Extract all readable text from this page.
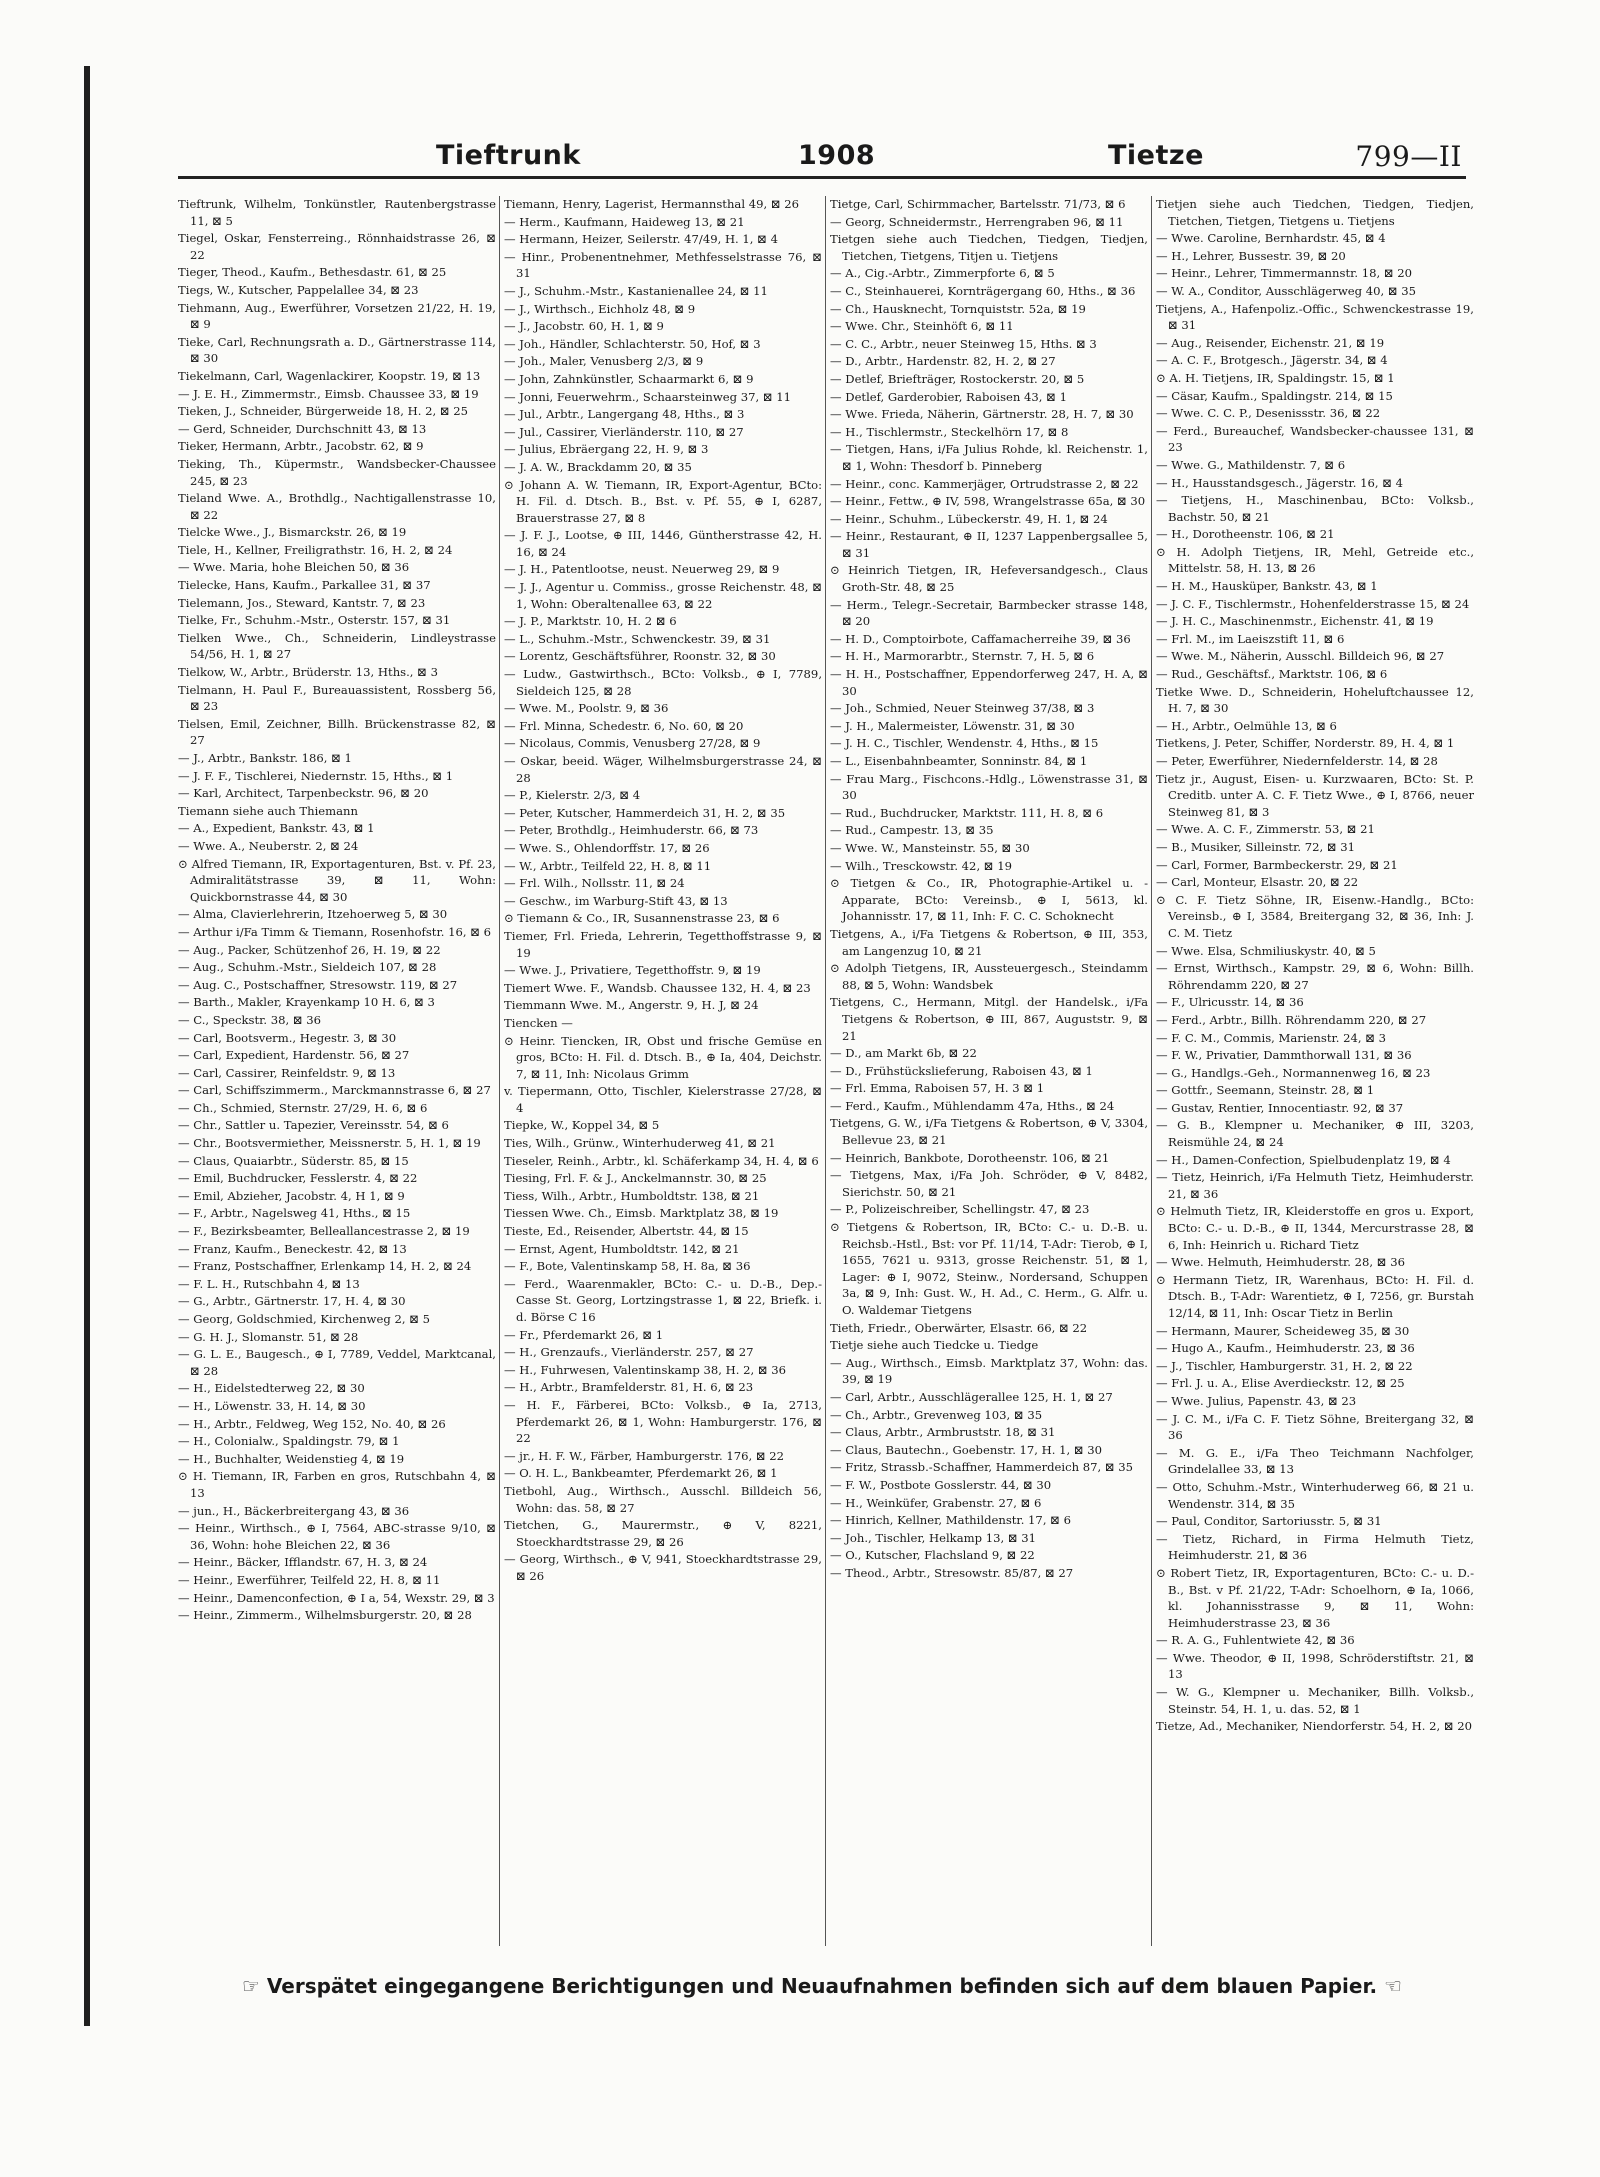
Tieftrunk	1908	Tietze	799—II
Tieftrunk, Wilhelm, Tonkünstler, Rautenbergstrasse 11, ⊠ 5
Tiegel, Oskar, Fensterreing., Rönnhaidstrasse 26, ⊠ 22
Tieger, Theod., Kaufm., Bethesdastr. 61, ⊠ 25
Tiegs, W., Kutscher, Pappelallee 34, ⊠ 23
Tiehmann, Aug., Ewerführer, Vorsetzen 21/22, H. 19, ⊠ 9
Tieke, Carl, Rechnungsrath a. D., Gärtnerstrasse 114, ⊠ 30
Tiekelmann, Carl, Wagenlackirer, Koopstr. 19, ⊠ 13
— J. E. H., Zimmermstr., Eimsb. Chaussee 33, ⊠ 19
Tieken, J., Schneider, Bürgerweide 18, H. 2, ⊠ 25
— Gerd, Schneider, Durchschnitt 43, ⊠ 13
Tieker, Hermann, Arbtr., Jacobstr. 62, ⊠ 9
Tieking, Th., Küpermstr., Wandsbecker-Chaussee 245, ⊠ 23
Tieland Wwe. A., Brothdlg., Nachtigallenstrasse 10, ⊠ 22
Tielcke Wwe., J., Bismarckstr. 26, ⊠ 19
Tiele, H., Kellner, Freiligrathstr. 16, H. 2, ⊠ 24
— Wwe. Maria, hohe Bleichen 50, ⊠ 36
Tielecke, Hans, Kaufm., Parkallee 31, ⊠ 37
Tielemann, Jos., Steward, Kantstr. 7, ⊠ 23
Tielke, Fr., Schuhm.-Mstr., Osterstr. 157, ⊠ 31
Tielken Wwe., Ch., Schneiderin, Lindleystrasse 54/56, H. 1, ⊠ 27
Tielkow, W., Arbtr., Brüderstr. 13, Hths., ⊠ 3
Tielmann, H. Paul F., Bureauassistent, Rossberg 56, ⊠ 23
Tielsen, Emil, Zeichner, Billh. Brückenstrasse 82, ⊠ 27
— J., Arbtr., Bankstr. 186, ⊠ 1
— J. F. F., Tischlerei, Niedernstr. 15, Hths., ⊠ 1
— Karl, Architect, Tarpenbeckstr. 96, ⊠ 20
Tiemann siehe auch Thiemann
— A., Expedient, Bankstr. 43, ⊠ 1
— Wwe. A., Neuberstr. 2, ⊠ 24
⊙ Alfred Tiemann, IR, Exportagenturen, Bst. v. Pf. 23, Admiralitätstrasse 39, ⊠ 11, Wohn: Quickbornstrasse 44, ⊠ 30
— Alma, Clavierlehrerin, Itzehoerweg 5, ⊠ 30
— Arthur i/Fa Timm & Tiemann, Rosenhofstr. 16, ⊠ 6
— Aug., Packer, Schützenhof 26, H. 19, ⊠ 22
— Aug., Schuhm.-Mstr., Sieldeich 107, ⊠ 28
— Aug. C., Postschaffner, Stresowstr. 119, ⊠ 27
— Barth., Makler, Krayenkamp 10 H. 6, ⊠ 3
— C., Speckstr. 38, ⊠ 36
— Carl, Bootsverm., Hegestr. 3, ⊠ 30
— Carl, Expedient, Hardenstr. 56, ⊠ 27
— Carl, Cassirer, Reinfeldstr. 9, ⊠ 13
— Carl, Schiffszimmerm., Marckmannstrasse 6, ⊠ 27
— Ch., Schmied, Sternstr. 27/29, H. 6, ⊠ 6
— Chr., Sattler u. Tapezier, Vereinsstr. 54, ⊠ 6
— Chr., Bootsvermiether, Meissnerstr. 5, H. 1, ⊠ 19
— Claus, Quaiarbtr., Süderstr. 85, ⊠ 15
— Emil, Buchdrucker, Fesslerstr. 4, ⊠ 22
— Emil, Abzieher, Jacobstr. 4, H 1, ⊠ 9
— F., Arbtr., Nagelsweg 41, Hths., ⊠ 15
— F., Bezirksbeamter, Belleallancestrasse 2, ⊠ 19
— Franz, Kaufm., Beneckestr. 42, ⊠ 13
— Franz, Postschaffner, Erlenkamp 14, H. 2, ⊠ 24
— F. L. H., Rutschbahn 4, ⊠ 13
— G., Arbtr., Gärtnerstr. 17, H. 4, ⊠ 30
— Georg, Goldschmied, Kirchenweg 2, ⊠ 5
— G. H. J., Slomanstr. 51, ⊠ 28
— G. L. E., Baugesch., ⊕ I, 7789, Veddel, Marktcanal, ⊠ 28
— H., Eidelstedterweg 22, ⊠ 30
— H., Löwenstr. 33, H. 14, ⊠ 30
— H., Arbtr., Feldweg, Weg 152, No. 40, ⊠ 26
— H., Colonialw., Spaldingstr. 79, ⊠ 1
— H., Buchhalter, Weidenstieg 4, ⊠ 19
⊙ H. Tiemann, IR, Farben en gros, Rutschbahn 4, ⊠ 13
— jun., H., Bäckerbreitergang 43, ⊠ 36
— Heinr., Wirthsch., ⊕ I, 7564, ABC-strasse 9/10, ⊠ 36, Wohn: hohe Bleichen 22, ⊠ 36
— Heinr., Bäcker, Ifflandstr. 67, H. 3, ⊠ 24
— Heinr., Ewerführer, Teilfeld 22, H. 8, ⊠ 11
— Heinr., Damenconfection, ⊕ I a, 54, Wexstr. 29, ⊠ 3
— Heinr., Zimmerm., Wilhelmsburgerstr. 20, ⊠ 28
Tiemann, Henry, Lagerist, Hermannsthal 49, ⊠ 26
— Herm., Kaufmann, Haideweg 13, ⊠ 21
— Hermann, Heizer, Seilerstr. 47/49, H. 1, ⊠ 4
— Hinr., Probenentnehmer, Methfesselstrasse 76, ⊠ 31
— J., Schuhm.-Mstr., Kastanienallee 24, ⊠ 11
— J., Wirthsch., Eichholz 48, ⊠ 9
— J., Jacobstr. 60, H. 1, ⊠ 9
— Joh., Händler, Schlachterstr. 50, Hof, ⊠ 3
— Joh., Maler, Venusberg 2/3, ⊠ 9
— John, Zahnkünstler, Schaarmarkt 6, ⊠ 9
— Jonni, Feuerwehrm., Schaarsteinweg 37, ⊠ 11
— Jul., Arbtr., Langergang 48, Hths., ⊠ 3
— Jul., Cassirer, Vierländerstr. 110, ⊠ 27
— Julius, Ebräergang 22, H. 9, ⊠ 3
— J. A. W., Brackdamm 20, ⊠ 35
⊙ Johann A. W. Tiemann, IR, Export-Agentur, BCto: H. Fil. d. Dtsch. B., Bst. v. Pf. 55, ⊕ I, 6287, Brauerstrasse 27, ⊠ 8
— J. F. J., Lootse, ⊕ III, 1446, Güntherstrasse 42, H. 16, ⊠ 24
— J. H., Patentlootse, neust. Neuerweg 29, ⊠ 9
— J. J., Agentur u. Commiss., grosse Reichenstr. 48, ⊠ 1, Wohn: Oberaltenallee 63, ⊠ 22
— J. P., Marktstr. 10, H. 2 ⊠ 6
— L., Schuhm.-Mstr., Schwenckestr. 39, ⊠ 31
— Lorentz, Geschäftsführer, Roonstr. 32, ⊠ 30
— Ludw., Gastwirthsch., BCto: Volksb., ⊕ I, 7789, Sieldeich 125, ⊠ 28
— Wwe. M., Poolstr. 9, ⊠ 36
— Frl. Minna, Schedestr. 6, No. 60, ⊠ 20
— Nicolaus, Commis, Venusberg 27/28, ⊠ 9
— Oskar, beeid. Wäger, Wilhelmsburgerstrasse 24, ⊠ 28
— P., Kielerstr. 2/3, ⊠ 4
— Peter, Kutscher, Hammerdeich 31, H. 2, ⊠ 35
— Peter, Brothdlg., Heimhuderstr. 66, ⊠ 73
— Wwe. S., Ohlendorffstr. 17, ⊠ 26
— W., Arbtr., Teilfeld 22, H. 8, ⊠ 11
— Frl. Wilh., Nollsstr. 11, ⊠ 24
— Geschw., im Warburg-Stift 43, ⊠ 13
⊙ Tiemann & Co., IR, Susannenstrasse 23, ⊠ 6
Tiemer, Frl. Frieda, Lehrerin, Tegetthoffstrasse 9, ⊠ 19
— Wwe. J., Privatiere, Tegetthoffstr. 9, ⊠ 19
Tiemert Wwe. F., Wandsb. Chaussee 132, H. 4, ⊠ 23
Tiemmann Wwe. M., Angerstr. 9, H. J, ⊠ 24
Tiencken —
⊙ Heinr. Tiencken, IR, Obst und frische Gemüse en gros, BCto: H. Fil. d. Dtsch. B., ⊕ Ia, 404, Deichstr. 7, ⊠ 11, Inh: Nicolaus Grimm
v. Tiepermann, Otto, Tischler, Kielerstrasse 27/28, ⊠ 4
Tiepke, W., Koppel 34, ⊠ 5
Ties, Wilh., Grünw., Winterhuderweg 41, ⊠ 21
Tieseler, Reinh., Arbtr., kl. Schäferkamp 34, H. 4, ⊠ 6
Tiesing, Frl. F. & J., Anckelmannstr. 30, ⊠ 25
Tiess, Wilh., Arbtr., Humboldtstr. 138, ⊠ 21
Tiessen Wwe. Ch., Eimsb. Marktplatz 38, ⊠ 19
Tieste, Ed., Reisender, Albertstr. 44, ⊠ 15
— Ernst, Agent, Humboldtstr. 142, ⊠ 21
— F., Bote, Valentinskamp 58, H. 8a, ⊠ 36
— Ferd., Waarenmakler, BCto: C.- u. D.-B., Dep.-Casse St. Georg, Lortzingstrasse 1, ⊠ 22, Briefk. i. d. Börse C 16
— Fr., Pferdemarkt 26, ⊠ 1
— H., Grenzaufs., Vierländerstr. 257, ⊠ 27
— H., Fuhrwesen, Valentinskamp 38, H. 2, ⊠ 36
— H., Arbtr., Bramfelderstr. 81, H. 6, ⊠ 23
— H. F., Färberei, BCto: Volksb., ⊕ Ia, 2713, Pferdemarkt 26, ⊠ 1, Wohn: Hamburgerstr. 176, ⊠ 22
— jr., H. F. W., Färber, Hamburgerstr. 176, ⊠ 22
— O. H. L., Bankbeamter, Pferdemarkt 26, ⊠ 1
Tietbohl, Aug., Wirthsch., Ausschl. Billdeich 56, Wohn: das. 58, ⊠ 27
Tietchen, G., Maurermstr., ⊕ V, 8221, Stoeckhardtstrasse 29, ⊠ 26
— Georg, Wirthsch., ⊕ V, 941, Stoeckhardtstrasse 29, ⊠ 26
Tietge, Carl, Schirmmacher, Bartelsstr. 71/73, ⊠ 6
— Georg, Schneidermstr., Herrengraben 96, ⊠ 11
Tietgen siehe auch Tiedchen, Tiedgen, Tiedjen, Tietchen, Tietgens, Titjen u. Tietjens
— A., Cig.-Arbtr., Zimmerpforte 6, ⊠ 5
— C., Steinhauerei, Kornträgergang 60, Hths., ⊠ 36
— Ch., Hausknecht, Tornquiststr. 52a, ⊠ 19
— Wwe. Chr., Steinhöft 6, ⊠ 11
— C. C., Arbtr., neuer Steinweg 15, Hths. ⊠ 3
— D., Arbtr., Hardenstr. 82, H. 2, ⊠ 27
— Detlef, Briefträger, Rostockerstr. 20, ⊠ 5
— Detlef, Garderobier, Raboisen 43, ⊠ 1
— Wwe. Frieda, Näherin, Gärtnerstr. 28, H. 7, ⊠ 30
— H., Tischlermstr., Steckelhörn 17, ⊠ 8
— Tietgen, Hans, i/Fa Julius Rohde, kl. Reichenstr. 1, ⊠ 1, Wohn: Thesdorf b. Pinneberg
— Heinr., conc. Kammerjäger, Ortrudstrasse 2, ⊠ 22
— Heinr., Fettw., ⊕ IV, 598, Wrangelstrasse 65a, ⊠ 30
— Heinr., Schuhm., Lübeckerstr. 49, H. 1, ⊠ 24
— Heinr., Restaurant, ⊕ II, 1237 Lappenbergsallee 5, ⊠ 31
⊙ Heinrich Tietgen, IR, Hefeversandgesch., Claus Groth-Str. 48, ⊠ 25
— Herm., Telegr.-Secretair, Barmbecker strasse 148, ⊠ 20
— H. D., Comptoirbote, Caffamacherreihe 39, ⊠ 36
— H. H., Marmorarbtr., Sternstr. 7, H. 5, ⊠ 6
— H. H., Postschaffner, Eppendorferweg 247, H. A, ⊠ 30
— Joh., Schmied, Neuer Steinweg 37/38, ⊠ 3
— J. H., Malermeister, Löwenstr. 31, ⊠ 30
— J. H. C., Tischler, Wendenstr. 4, Hths., ⊠ 15
— L., Eisenbahnbeamter, Sonninstr. 84, ⊠ 1
— Frau Marg., Fischcons.-Hdlg., Löwenstrasse 31, ⊠ 30
— Rud., Buchdrucker, Marktstr. 111, H. 8, ⊠ 6
— Rud., Campestr. 13, ⊠ 35
— Wwe. W., Mansteinstr. 55, ⊠ 30
— Wilh., Tresckowstr. 42, ⊠ 19
⊙ Tietgen & Co., IR, Photographie-Artikel u. -Apparate, BCto: Vereinsb., ⊕ I, 5613, kl. Johannisstr. 17, ⊠ 11, Inh: F. C. C. Schoknecht
Tietgens, A., i/Fa Tietgens & Robertson, ⊕ III, 353, am Langenzug 10, ⊠ 21
⊙ Adolph Tietgens, IR, Aussteuergesch., Steindamm 88, ⊠ 5, Wohn: Wandsbek
Tietgens, C., Hermann, Mitgl. der Handelsk., i/Fa Tietgens & Robertson, ⊕ III, 867, Auguststr. 9, ⊠ 21
— D., am Markt 6b, ⊠ 22
— D., Frühstückslieferung, Raboisen 43, ⊠ 1
— Frl. Emma, Raboisen 57, H. 3 ⊠ 1
— Ferd., Kaufm., Mühlendamm 47a, Hths., ⊠ 24
Tietgens, G. W., i/Fa Tietgens & Robertson, ⊕ V, 3304, Bellevue 23, ⊠ 21
— Heinrich, Bankbote, Dorotheenstr. 106, ⊠ 21
— Tietgens, Max, i/Fa Joh. Schröder, ⊕ V, 8482, Sierichstr. 50, ⊠ 21
— P., Polizeischreiber, Schellingstr. 47, ⊠ 23
⊙ Tietgens & Robertson, IR, BCto: C.- u. D.-B. u. Reichsb.-Hstl., Bst: vor Pf. 11/14, T-Adr: Tierob, ⊕ I, 1655, 7621 u. 9313, grosse Reichenstr. 51, ⊠ 1, Lager: ⊕ I, 9072, Steinw., Nordersand, Schuppen 3a, ⊠ 9, Inh: Gust. W., H. Ad., C. Herm., G. Alfr. u. O. Waldemar Tietgens
Tieth, Friedr., Oberwärter, Elsastr. 66, ⊠ 22
Tietje siehe auch Tiedcke u. Tiedge
— Aug., Wirthsch., Eimsb. Marktplatz 37, Wohn: das. 39, ⊠ 19
— Carl, Arbtr., Ausschlägerallee 125, H. 1, ⊠ 27
— Ch., Arbtr., Grevenweg 103, ⊠ 35
— Claus, Arbtr., Armbruststr. 18, ⊠ 31
— Claus, Bautechn., Goebenstr. 17, H. 1, ⊠ 30
— Fritz, Strassb.-Schaffner, Hammerdeich 87, ⊠ 35
— F. W., Postbote Gosslerstr. 44, ⊠ 30
— H., Weinküfer, Grabenstr. 27, ⊠ 6
— Hinrich, Kellner, Mathildenstr. 17, ⊠ 6
— Joh., Tischler, Helkamp 13, ⊠ 31
— O., Kutscher, Flachsland 9, ⊠ 22
— Theod., Arbtr., Stresowstr. 85/87, ⊠ 27
Tietjen siehe auch Tiedchen, Tiedgen, Tiedjen, Tietchen, Tietgen, Tietgens u. Tietjens
— Wwe. Caroline, Bernhardstr. 45, ⊠ 4
— H., Lehrer, Bussestr. 39, ⊠ 20
— Heinr., Lehrer, Timmermannstr. 18, ⊠ 20
— W. A., Conditor, Ausschlägerweg 40, ⊠ 35
Tietjens, A., Hafenpoliz.-Offic., Schwenckestrasse 19, ⊠ 31
— Aug., Reisender, Eichenstr. 21, ⊠ 19
— A. C. F., Brotgesch., Jägerstr. 34, ⊠ 4
⊙ A. H. Tietjens, IR, Spaldingstr. 15, ⊠ 1
— Cäsar, Kaufm., Spaldingstr. 214, ⊠ 15
— Wwe. C. C. P., Desenissstr. 36, ⊠ 22
— Ferd., Bureauchef, Wandsbecker-chaussee 131, ⊠ 23
— Wwe. G., Mathildenstr. 7, ⊠ 6
— H., Hausstandsgesch., Jägerstr. 16, ⊠ 4
— Tietjens, H., Maschinenbau, BCto: Volksb., Bachstr. 50, ⊠ 21
— H., Dorotheenstr. 106, ⊠ 21
⊙ H. Adolph Tietjens, IR, Mehl, Getreide etc., Mittelstr. 58, H. 13, ⊠ 26
— H. M., Hausküper, Bankstr. 43, ⊠ 1
— J. C. F., Tischlermstr., Hohenfelderstrasse 15, ⊠ 24
— J. H. C., Maschinenmstr., Eichenstr. 41, ⊠ 19
— Frl. M., im Laeiszstift 11, ⊠ 6
— Wwe. M., Näherin, Ausschl. Billdeich 96, ⊠ 27
— Rud., Geschäftsf., Marktstr. 106, ⊠ 6
Tietke Wwe. D., Schneiderin, Hoheluftchaussee 12, H. 7, ⊠ 30
— H., Arbtr., Oelmühle 13, ⊠ 6
Tietkens, J. Peter, Schiffer, Norderstr. 89, H. 4, ⊠ 1
— Peter, Ewerführer, Niedernfelderstr. 14, ⊠ 28
Tietz jr., August, Eisen- u. Kurzwaaren, BCto: St. P. Creditb. unter A. C. F. Tietz Wwe., ⊕ I, 8766, neuer Steinweg 81, ⊠ 3
— Wwe. A. C. F., Zimmerstr. 53, ⊠ 21
— B., Musiker, Silleinstr. 72, ⊠ 31
— Carl, Former, Barmbeckerstr. 29, ⊠ 21
— Carl, Monteur, Elsastr. 20, ⊠ 22
⊙ C. F. Tietz Söhne, IR, Eisenw.-Handlg., BCto: Vereinsb., ⊕ I, 3584, Breitergang 32, ⊠ 36, Inh: J. C. M. Tietz
— Wwe. Elsa, Schmiliuskystr. 40, ⊠ 5
— Ernst, Wirthsch., Kampstr. 29, ⊠ 6, Wohn: Billh. Röhrendamm 220, ⊠ 27
— F., Ulricusstr. 14, ⊠ 36
— Ferd., Arbtr., Billh. Röhrendamm 220, ⊠ 27
— F. C. M., Commis, Marienstr. 24, ⊠ 3
— F. W., Privatier, Dammthorwall 131, ⊠ 36
— G., Handlgs.-Geh., Normannenweg 16, ⊠ 23
— Gottfr., Seemann, Steinstr. 28, ⊠ 1
— Gustav, Rentier, Innocentiastr. 92, ⊠ 37
— G. B., Klempner u. Mechaniker, ⊕ III, 3203, Reismühle 24, ⊠ 24
— H., Damen-Confection, Spielbudenplatz 19, ⊠ 4
— Tietz, Heinrich, i/Fa Helmuth Tietz, Heimhuderstr. 21, ⊠ 36
⊙ Helmuth Tietz, IR, Kleiderstoffe en gros u. Export, BCto: C.- u. D.-B., ⊕ II, 1344, Mercurstrasse 28, ⊠ 6, Inh: Heinrich u. Richard Tietz
— Wwe. Helmuth, Heimhuderstr. 28, ⊠ 36
⊙ Hermann Tietz, IR, Warenhaus, BCto: H. Fil. d. Dtsch. B., T-Adr: Warentietz, ⊕ I, 7256, gr. Burstah 12/14, ⊠ 11, Inh: Oscar Tietz in Berlin
— Hermann, Maurer, Scheideweg 35, ⊠ 30
— Hugo A., Kaufm., Heimhuderstr. 23, ⊠ 36
— J., Tischler, Hamburgerstr. 31, H. 2, ⊠ 22
— Frl. J. u. A., Elise Averdieckstr. 12, ⊠ 25
— Wwe. Julius, Papenstr. 43, ⊠ 23
— J. C. M., i/Fa C. F. Tietz Söhne, Breitergang 32, ⊠ 36
— M. G. E., i/Fa Theo Teichmann Nachfolger, Grindelallee 33, ⊠ 13
— Otto, Schuhm.-Mstr., Winterhuderweg 66, ⊠ 21 u. Wendenstr. 314, ⊠ 35
— Paul, Conditor, Sartoriusstr. 5, ⊠ 31
— Tietz, Richard, in Firma Helmuth Tietz, Heimhuderstr. 21, ⊠ 36
⊙ Robert Tietz, IR, Exportagenturen, BCto: C.- u. D.-B., Bst. v Pf. 21/22, T-Adr: Schoelhorn, ⊕ Ia, 1066, kl. Johannisstrasse 9, ⊠ 11, Wohn: Heimhuderstrasse 23, ⊠ 36
— R. A. G., Fuhlentwiete 42, ⊠ 36
— Wwe. Theodor, ⊕ II, 1998, Schröderstiftstr. 21, ⊠ 13
— W. G., Klempner u. Mechaniker, Billh. Volksb., Steinstr. 54, H. 1, u. das. 52, ⊠ 1
Tietze, Ad., Mechaniker, Niendorferstr. 54, H. 2, ⊠ 20
☞ Verspätet eingegangene Berichtigungen und Neuaufnahmen befinden sich auf dem blauen Papier. ☜
